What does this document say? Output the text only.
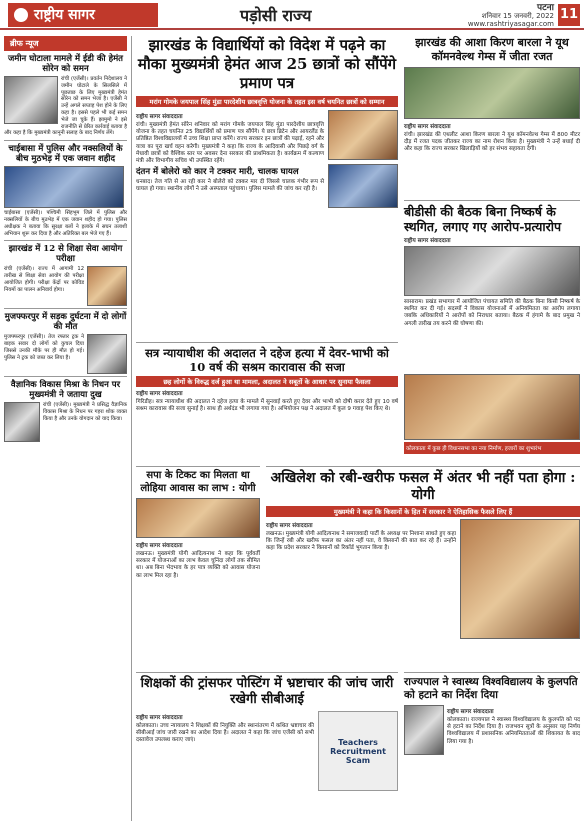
राष्ट्रीय सागर	पड़ोसी राज्य	पटना
शनिवार 15 जनवरी, 2022
www.rashtriyasagar.com
11
ब्रीफ न्यूज
जमीन घोटाला मामले में ईडी की हेमंत सोरेन को समन
रांची (एजेंसी)। प्रवर्तन निदेशालय ने जमीन घोटाले के सिलसिले में पूछताछ के लिए मुख्यमंत्री हेमंत सोरेन को समन भेजा है। एजेंसी ने उन्हें अगले सप्ताह पेश होने के लिए कहा है। इससे पहले भी कई समन भेजे जा चुके हैं। झामुमो ने इसे राजनीति से प्रेरित कार्रवाई बताया है और कहा है कि मुख्यमंत्री कानूनी सलाह के बाद निर्णय लेंगे।
चाईबासा में पुलिस और नक्सलियों के बीच मुठभेड़ में एक जवान शहीद
चाईबासा (एजेंसी)। पश्चिमी सिंहभूम जिले में पुलिस और नक्सलियों के बीच मुठभेड़ में एक जवान शहीद हो गया। पुलिस अधीक्षक ने बताया कि सुरक्षा बलों ने इलाके में सघन तलाशी अभियान शुरू कर दिया है और अतिरिक्त बल भेजे गए हैं।
झारखंड में 12 से शिक्षा सेवा आयोग परीक्षा
रांची (एजेंसी)। राज्य में आगामी 12 तारीख से शिक्षा सेवा आयोग की परीक्षा आयोजित होगी। परीक्षा केंद्रों पर कोविड नियमों का पालन अनिवार्य होगा।
मुजफ्फरपुर में सड़क दुर्घटना में दो लोगों की मौत
मुजफ्फरपुर (एजेंसी)। तेज रफ्तार ट्रक ने बाइक सवार दो लोगों को कुचल दिया जिससे उनकी मौके पर ही मौत हो गई। पुलिस ने ट्रक को जब्त कर लिया है।
वैज्ञानिक विकास मिश्रा के निधन पर मुख्यमंत्री ने जताया दुख
रांची (एजेंसी)। मुख्यमंत्री ने प्रसिद्ध वैज्ञानिक विकास मिश्रा के निधन पर गहरा शोक व्यक्त किया है और उनके योगदान को याद किया।
झारखंड के विद्यार्थियों को विदेश में पढ़ने का मौका मुख्यमंत्री हेमंत आज 25 छात्रों को सौंपेंगे प्रमाण पत्र
मरांग गोमके जयपाल सिंह मुंडा पारदेशीय छात्रवृत्ति योजना के तहत इस वर्ष चयनित छात्रों को सम्मान
राष्ट्रीय सागर संवाददाता
रांची। मुख्यमंत्री हेमंत सोरेन शनिवार को मरांग गोमके जयपाल सिंह मुंडा पारदेशीय छात्रवृत्ति योजना के तहत चयनित 25 विद्यार्थियों को प्रमाण पत्र सौंपेंगे। ये छात्र ब्रिटेन और आयरलैंड के प्रतिष्ठित विश्वविद्यालयों में उच्च शिक्षा प्राप्त करेंगे। राज्य सरकार इन छात्रों की पढ़ाई, रहने और यात्रा का पूरा खर्च वहन करेगी। मुख्यमंत्री ने कहा कि राज्य के आदिवासी और पिछड़े वर्ग के मेधावी छात्रों को वैश्विक स्तर पर अवसर देना सरकार की प्राथमिकता है। कार्यक्रम में कल्याण मंत्री और विभागीय सचिव भी उपस्थित रहेंगे।
दंतन में बोलेरो को कार ने टक्कर मारी, चालक घायल
धनबाद। तेज गति से आ रही कार ने बोलेरो को टक्कर मार दी जिससे चालक गंभीर रूप से घायल हो गया। स्थानीय लोगों ने उसे अस्पताल पहुंचाया। पुलिस मामले की जांच कर रही है।
झारखंड की आशा किरण बारला ने यूथ कॉमनवेल्थ गेम्स में जीता रजत
राष्ट्रीय सागर संवाददाता
रांची। झारखंड की एथलीट आशा किरण बारला ने यूथ कॉमनवेल्थ गेम्स में 800 मीटर दौड़ में रजत पदक जीतकर राज्य का नाम रोशन किया है। मुख्यमंत्री ने उन्हें बधाई दी और कहा कि राज्य सरकार खिलाड़ियों को हर संभव सहायता देगी।
बीडीसी की बैठक बिना निष्कर्ष के स्थगित, लगाए गए आरोप-प्रत्यारोप
राष्ट्रीय सागर संवाददाता
सासाराम। प्रखंड सभागार में आयोजित पंचायत समिति की बैठक बिना किसी निष्कर्ष के स्थगित कर दी गई। सदस्यों ने विकास योजनाओं में अनियमितता का आरोप लगाया जबकि अधिकारियों ने आरोपों को निराधार बताया। बैठक में हंगामे के बाद प्रमुख ने अगली तारीख तय करने की घोषणा की।
सत्र न्यायाधीश की अदालत ने दहेज हत्या में देवर-भाभी को 10 वर्ष की सश्रम कारावास की सजा
छह लोगों के विरुद्ध दर्ज हुआ था मामला, अदालत ने सबूतों के आधार पर सुनाया फैसला
राष्ट्रीय सागर संवाददाता
गिरिडीह। सत्र न्यायाधीश की अदालत ने दहेज हत्या के मामले में सुनवाई करते हुए देवर और भाभी को दोषी करार देते हुए 10 वर्ष सश्रम कारावास की सजा सुनाई है। साथ ही अर्थदंड भी लगाया गया है। अभियोजन पक्ष ने अदालत में कुल 9 गवाह पेश किए थे।
कोलकाता में कुछ ही विधानसभा का नया निर्माण, हजारों का शुभारंभ
सपा के टिकट का मिलता था लोहिया आवास का लाभ : योगी
राष्ट्रीय सागर संवाददाता
लखनऊ। मुख्यमंत्री योगी आदित्यनाथ ने कहा कि पूर्ववर्ती सरकार में योजनाओं का लाभ केवल चुनिंदा लोगों तक सीमित था। अब बिना भेदभाव के हर पात्र व्यक्ति को आवास योजना का लाभ मिल रहा है।
अखिलेश को रबी-खरीफ फसल में अंतर भी नहीं पता होगा : योगी
मुख्यमंत्री ने कहा कि किसानों के हित में सरकार ने ऐतिहासिक फैसले लिए हैं
राष्ट्रीय सागर संवाददाता
लखनऊ। मुख्यमंत्री योगी आदित्यनाथ ने समाजवादी पार्टी के अध्यक्ष पर निशाना साधते हुए कहा कि जिन्हें रबी और खरीफ फसल का अंतर नहीं पता, वे किसानों की बात कर रहे हैं। उन्होंने कहा कि प्रदेश सरकार ने किसानों को रिकॉर्ड भुगतान किया है।
शिक्षकों की ट्रांसफर पोस्टिंग में भ्रष्टाचार की जांच जारी रखेगी सीबीआई
राष्ट्रीय सागर संवाददाता
कोलकाता। उच्च न्यायालय ने शिक्षकों की नियुक्ति और स्थानांतरण में कथित भ्रष्टाचार की सीबीआई जांच जारी रखने का आदेश दिया है। अदालत ने कहा कि जांच एजेंसी को सभी दस्तावेज उपलब्ध कराए जाएं।	Teachers Recruitment Scam
राज्यपाल ने स्वास्थ्य विश्वविद्यालय के कुलपति को हटाने का निर्देश दिया
राष्ट्रीय सागर संवाददाता
कोलकाता। राज्यपाल ने स्वास्थ्य विश्वविद्यालय के कुलपति को पद से हटाने का निर्देश दिया है। राजभवन सूत्रों के अनुसार यह निर्णय विश्वविद्यालय में प्रशासनिक अनियमितताओं की शिकायत के बाद लिया गया है।
